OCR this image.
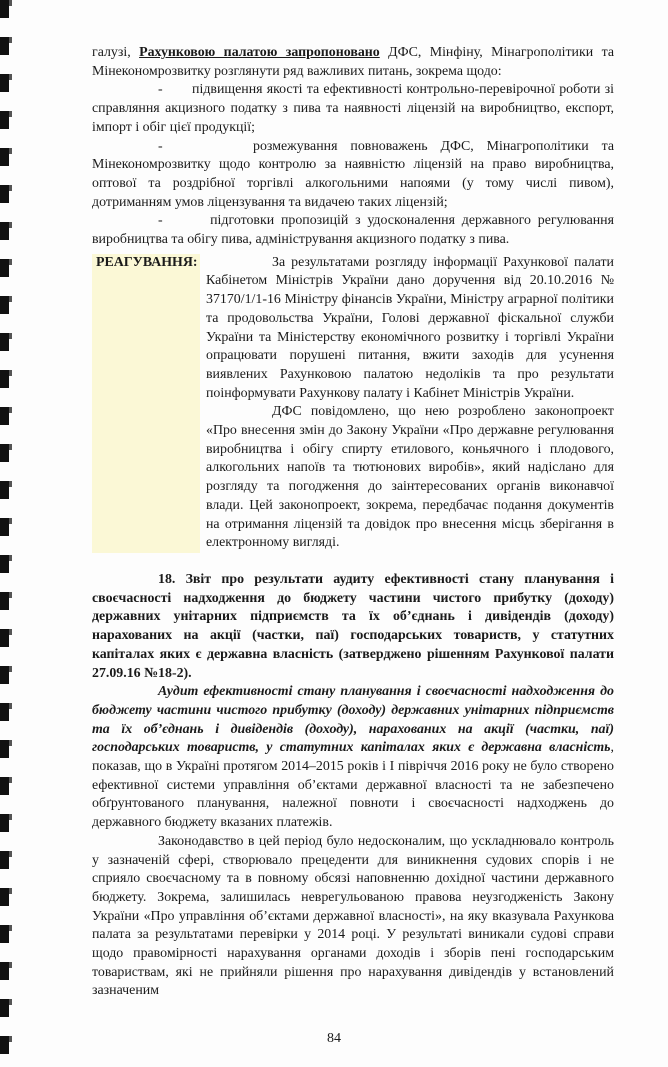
галузі, Рахунковою палатою запропоновано ДФС, Мінфіну, Мінагрополітики та Мінекономрозвитку розглянути ряд важливих питань, зокрема щодо:

-       підвищення якості та ефективності контрольно-перевірочної роботи зі справляння акцизного податку з пива та наявності ліцензій на виробництво, експорт, імпорт і обіг цієї продукції;

-       розмежування повноважень ДФС, Мінагрополітики та Мінекономрозвитку щодо контролю за наявністю ліцензій на право виробництва, оптової та роздрібної торгівлі алкогольними напоями (у тому числі пивом), дотриманням умов ліцензування та видачею таких ліцензій;

-       підготовки пропозицій з удосконалення державного регулювання виробництва та обігу пива, адміністрування акцизного податку з пива.

РЕАГУВАННЯ:	За результатами розгляду інформації Рахункової палати Кабінетом Міністрів України дано доручення від 20.10.2016 № 37170/1/1-16 Міністру фінансів України, Міністру аграрної політики та продовольства України, Голові державної фіскальної служби України та Міністерству економічного розвитку і торгівлі України опрацювати порушені питання, вжити заходів для усунення виявлених Рахунковою палатою недоліків та про результати поінформувати Рахункову палату і Кабінет Міністрів України.

ДФС повідомлено, що нею розроблено законопроект «Про внесення змін до Закону України «Про державне регулювання виробництва і обігу спирту етилового, коньячного і плодового, алкогольних напоїв та тютюнових виробів», який надіслано для розгляду та погодження до заінтересованих органів виконавчої влади. Цей законопроект, зокрема, передбачає подання документів на отримання ліцензій та довідок про внесення місць зберігання в електронному вигляді.

18. Звіт про результати аудиту ефективності стану планування і своєчасності надходження до бюджету частини чистого прибутку (доходу) державних унітарних підприємств та їх об’єднань і дивідендів (доходу) нарахованих на акції (частки, паї) господарських товариств, у статутних капіталах яких є державна власність (затверджено рішенням Рахункової палати 27.09.16 №18-2).

Аудит ефективності стану планування і своєчасності надходження до бюджету частини чистого прибутку (доходу) державних унітарних підприємств та їх об’єднань і дивідендів (доходу), нарахованих на акції (частки, паї) господарських товариств, у статутних капіталах яких є державна власність, показав, що в Україні протягом 2014–2015 років і І півріччя 2016 року не було створено ефективної системи управління об’єктами державної власності та не забезпечено обґрунтованого планування, належної повноти і своєчасності надходжень до державного бюджету вказаних платежів.

Законодавство в цей період було недосконалим, що ускладнювало контроль у зазначеній сфері, створювало прецеденти для виникнення судових спорів і не сприяло своєчасному та в повному обсязі наповненню дохідної частини державного бюджету. Зокрема, залишилась неврегульованою правова неузгодженість Закону України «Про управління об’єктами державної власності», на яку вказувала Рахункова палата за результатами перевірки у 2014 році. У результаті виникали судові справи щодо правомірності нарахування органами доходів і зборів пені господарським товариствам, які не прийняли рішення про нарахування дивідендів у встановлений зазначеним

84
